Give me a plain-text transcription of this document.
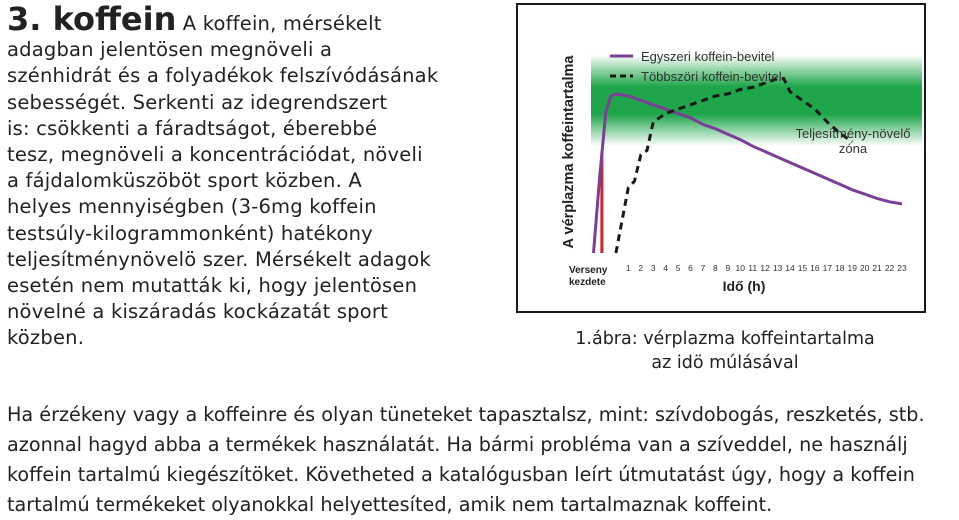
3. koffein A koffein, mérsékelt
adagban jelentösen megnöveli a
szénhidrát és a folyadékok felszívódásának
sebességét. Serkenti az idegrendszert
is: csökkenti a fáradtságot, éberebbé
tesz, megnöveli a koncentrációdat, növeli
a fájdalomküszöböt sport közben. A
helyes mennyiségben (3-6mg koffein
testsúly-kilogrammonként) hatékony
teljesítménynövelö szer. Mérsékelt adagok
esetén nem mutatták ki, hogy jelentösen
növelné a kiszáradás kockázatát sport
közben.
A vérplazma koffeintartalma	Egyszeri koffein-bevitel
Többszöri koffein-bevitel
Teljesítmény-növelő
zóna
Verseny
kezdete
1 2 3 4 5 6 7 8 9 10 11 12 13 14 15 16 17 18 19 20 21 22 23
Idő (h)
1.ábra: vérplazma koffeintartalma
az idö múlásával
Ha érzékeny vagy a koffeinre és olyan tüneteket tapasztalsz, mint: szívdobogás, reszketés, stb.
azonnal hagyd abba a termékek használatát. Ha bármi probléma van a szíveddel, ne használj
koffein tartalmú kiegészítöket. Követheted a katalógusban leírt útmutatást úgy, hogy a koffein
tartalmú termékeket olyanokkal helyettesíted, amik nem tartalmaznak koffeint.
